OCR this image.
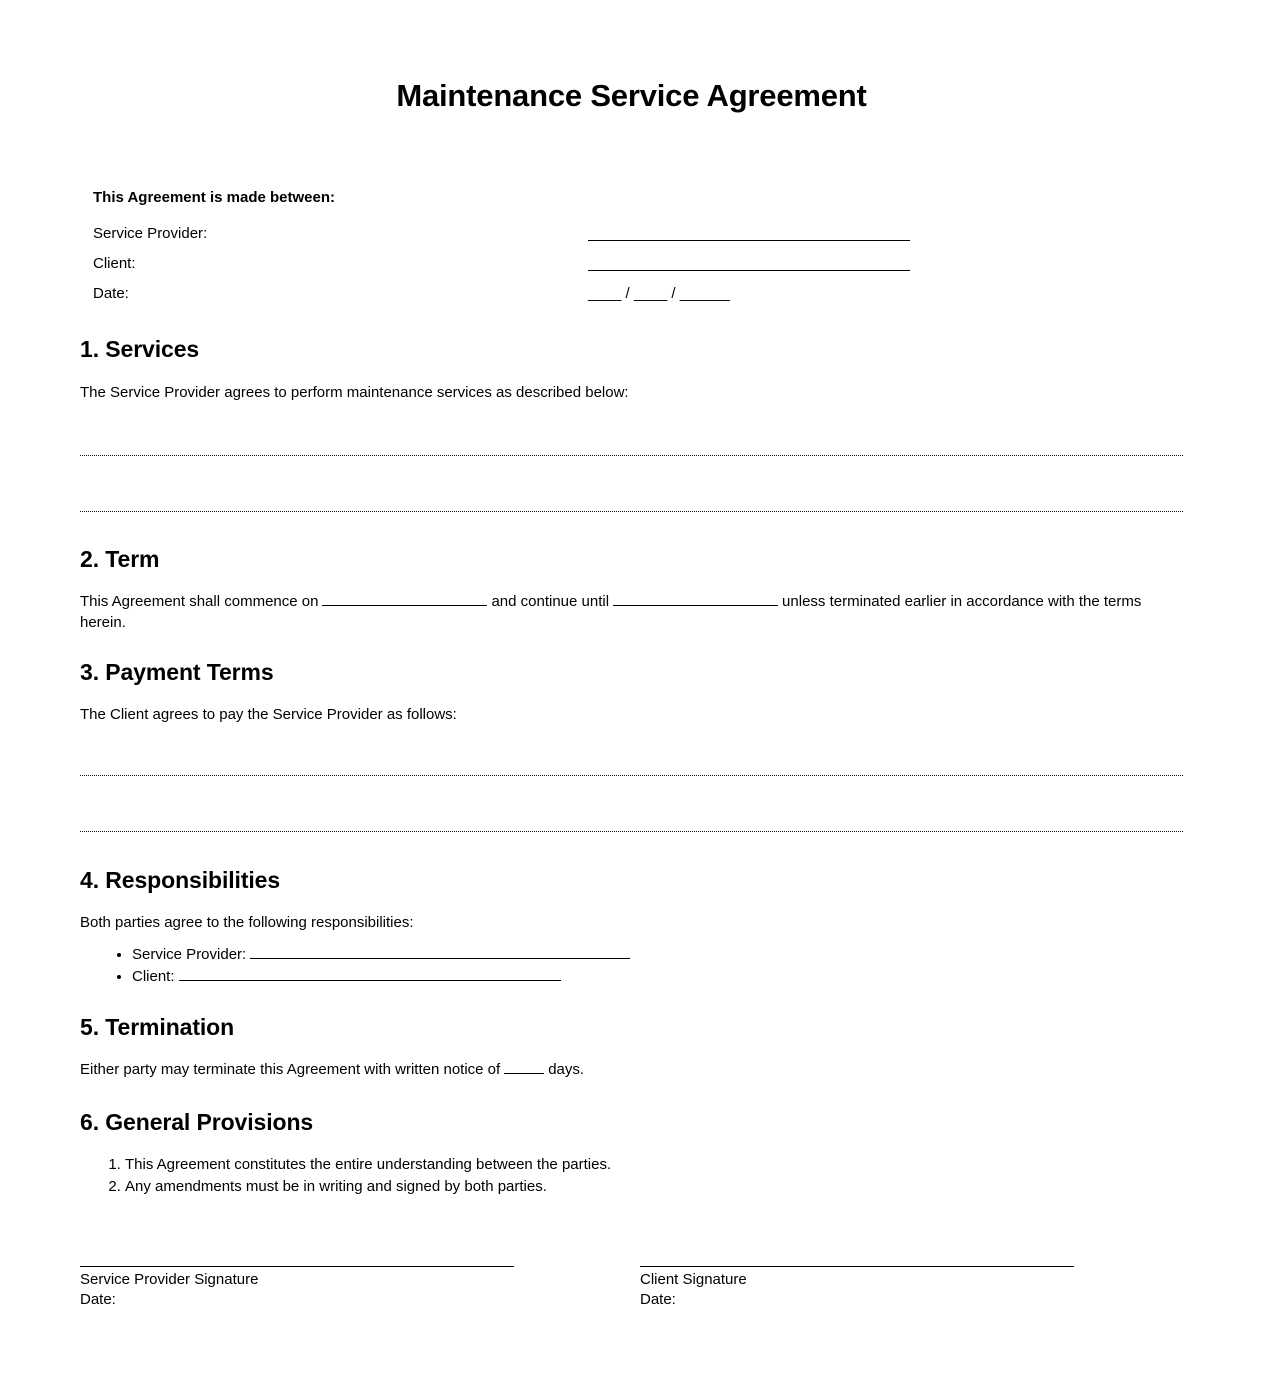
Maintenance Service Agreement
This Agreement is made between:
Service Provider:
Client:
Date:	____ / ____ / ______
1. Services
The Service Provider agrees to perform maintenance services as described below:
2. Term
This Agreement shall commence on	and continue until	unless terminated earlier in accordance with the terms herein.
3. Payment Terms
The Client agrees to pay the Service Provider as follows:
4. Responsibilities
Both parties agree to the following responsibilities:
• Service Provider:
• Client:
5. Termination
Either party may terminate this Agreement with written notice of	days.
6. General Provisions
1. This Agreement constitutes the entire understanding between the parties.
2. Any amendments must be in writing and signed by both parties.
Service Provider Signature
Date:
Client Signature
Date:
